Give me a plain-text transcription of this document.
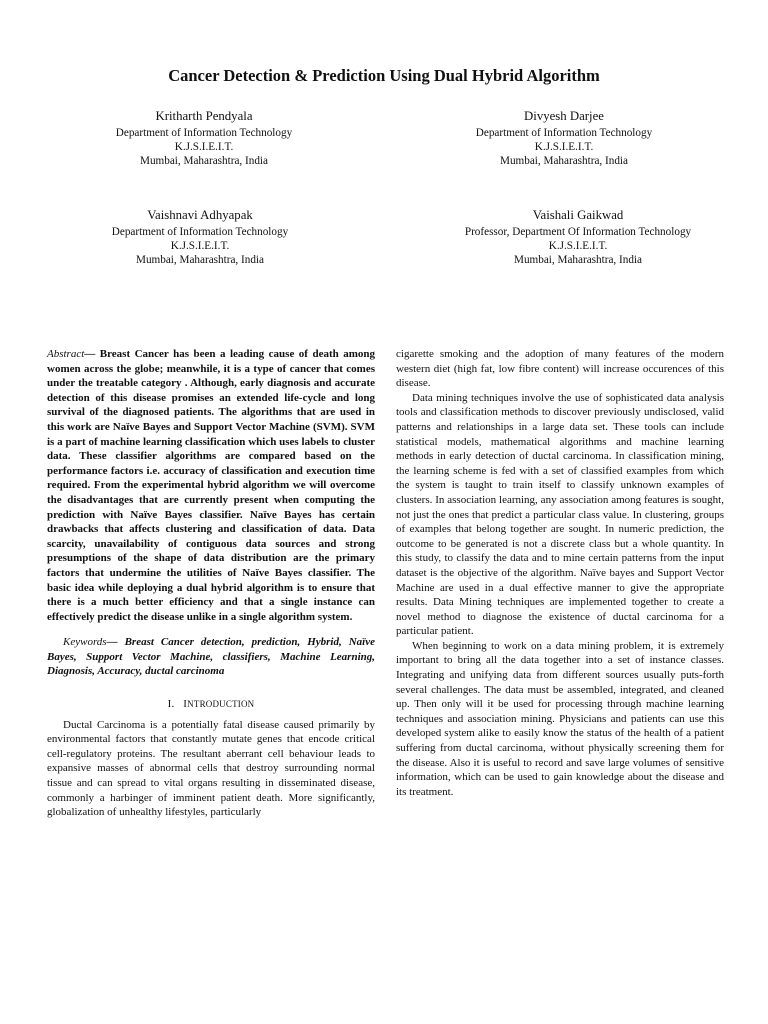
Cancer Detection & Prediction Using Dual Hybrid Algorithm
Kritharth Pendyala
Department of Information Technology
K.J.S.I.E.I.T.
Mumbai, Maharashtra, India
Divyesh Darjee
Department of Information Technology
K.J.S.I.E.I.T.
Mumbai, Maharashtra, India
Vaishnavi Adhyapak
Department of Information Technology
K.J.S.I.E.I.T.
Mumbai, Maharashtra, India
Vaishali Gaikwad
Professor, Department Of Information Technology
K.J.S.I.E.I.T.
Mumbai, Maharashtra, India

Abstract— Breast Cancer has been a leading cause of death among women across the globe; meanwhile, it is a type of cancer that comes under the treatable category . Although, early diagnosis and accurate detection of this disease promises an extended life-cycle and long survival of the diagnosed patients. The algorithms that are used in this work are Naïve Bayes and Support Vector Machine (SVM). SVM is a part of machine learning classification which uses labels to cluster data. These classifier algorithms are compared based on the performance factors i.e. accuracy of classification and execution time required. From the experimental hybrid algorithm we will overcome the disadvantages that are currently present when computing the prediction with Naïve Bayes classifier. Naïve Bayes has certain drawbacks that affects clustering and classification of data. Data scarcity, unavailability of contiguous data sources and strong presumptions of the shape of data distribution are the primary factors that undermine the utilities of Naïve Bayes classifier. The basic idea while deploying a dual hybrid algorithm is to ensure that there is a much better efficiency and that a single instance can effectively predict the disease unlike in a single algorithm system.

Keywords— Breast Cancer detection, prediction, Hybrid, Naïve Bayes, Support Vector Machine, classifiers, Machine Learning, Diagnosis, Accuracy, ductal carcinoma

I. INTRODUCTION

Ductal Carcinoma is a potentially fatal disease caused primarily by environmental factors that constantly mutate genes that encode critical cell-regulatory proteins. The resultant aberrant cell behaviour leads to expansive masses of abnormal cells that destroy surrounding normal tissue and can spread to vital organs resulting in disseminated disease, commonly a harbinger of imminent patient death. More significantly, globalization of unhealthy lifestyles, particularly

cigarette smoking and the adoption of many features of the modern western diet (high fat, low fibre content) will increase occurences of this disease.

Data mining techniques involve the use of sophisticated data analysis tools and classification methods to discover previously undisclosed, valid patterns and relationships in a large data set. These tools can include statistical models, mathematical algorithms and machine learning methods in early detection of ductal carcinoma. In classification mining, the learning scheme is fed with a set of classified examples from which the system is taught to train itself to classify unknown examples of clusters. In association learning, any association among features is sought, not just the ones that predict a particular class value. In clustering, groups of examples that belong together are sought. In numeric prediction, the outcome to be generated is not a discrete class but a whole quantity. In this study, to classify the data and to mine certain patterns from the input dataset is the objective of the algorithm. Naïve bayes and Support Vector Machine are used in a dual effective manner to give the appropriate results. Data Mining techniques are implemented together to create a novel method to diagnose the existence of ductal carcinoma for a particular patient.

When beginning to work on a data mining problem, it is extremely important to bring all the data together into a set of instance classes. Integrating and unifying data from different sources usually puts-forth several challenges. The data must be assembled, integrated, and cleaned up. Then only will it be used for processing through machine learning techniques and association mining. Physicians and patients can use this developed system alike to easily know the status of the health of a patient suffering from ductal carcinoma, without physically screening them for the disease. Also it is useful to record and save large volumes of sensitive information, which can be used to gain knowledge about the disease and its treatment.
